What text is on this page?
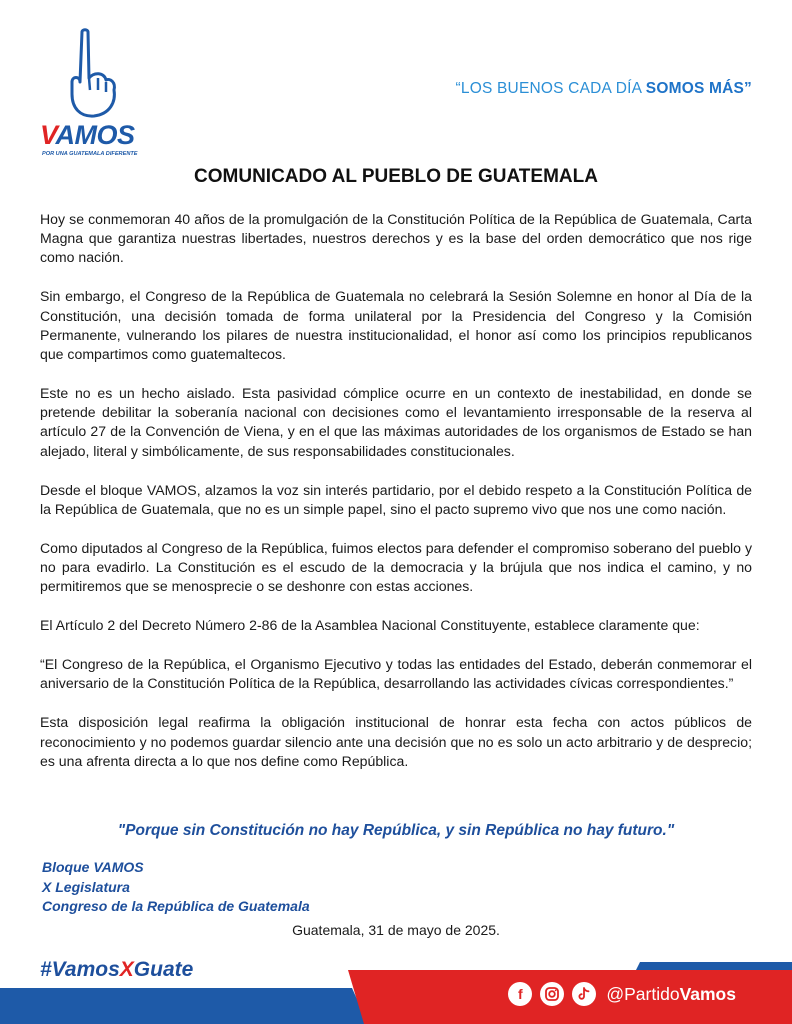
VAMOS
POR UNA GUATEMALA DIFERENTE
“LOS BUENOS CADA DÍA SOMOS MÁS”
COMUNICADO AL PUEBLO DE GUATEMALA

Hoy se conmemoran 40 años de la promulgación de la Constitución Política de la República de Guatemala, Carta Magna que garantiza nuestras libertades, nuestros derechos y es la base del orden democrático que nos rige como nación.

Sin embargo, el Congreso de la República de Guatemala no celebrará la Sesión Solemne en honor al Día de la Constitución, una decisión tomada de forma unilateral por la Presidencia del Congreso y la Comisión Permanente, vulnerando los pilares de nuestra institucionalidad, el honor así como los principios republicanos que compartimos como guatemaltecos.

Este no es un hecho aislado. Esta pasividad cómplice ocurre en un contexto de inestabilidad, en donde se pretende debilitar la soberanía nacional con decisiones como el levantamiento irresponsable de la reserva al artículo 27 de la Convención de Viena, y en el que las máximas autoridades de los organismos de Estado se han alejado, literal y simbólicamente, de sus responsabilidades constitucionales.

Desde el bloque VAMOS, alzamos la voz sin interés partidario, por el debido respeto a la Constitución Política de la República de Guatemala, que no es un simple papel, sino el pacto supremo vivo que nos une como nación.

Como diputados al Congreso de la República, fuimos electos para defender el compromiso soberano del pueblo y no para evadirlo. La Constitución es el escudo de la democracia y la brújula que nos indica el camino, y no permitiremos que se menosprecie o se deshonre con estas acciones.

El Artículo 2 del Decreto Número 2-86 de la Asamblea Nacional Constituyente, establece claramente que:

“El Congreso de la República, el Organismo Ejecutivo y todas las entidades del Estado, deberán conmemorar el aniversario de la Constitución Política de la República, desarrollando las actividades cívicas correspondientes.”

Esta disposición legal reafirma la obligación institucional de honrar esta fecha con actos públicos de reconocimiento y no podemos guardar silencio ante una decisión que no es solo un acto arbitrario y de desprecio; es una afrenta directa a lo que nos define como República.

"Porque sin Constitución no hay República, y sin República no hay futuro."
Bloque VAMOS
X Legislatura
Congreso de la República de Guatemala
Guatemala, 31 de mayo de 2025.
#VamosXGuate
f	@PartidoVamos
